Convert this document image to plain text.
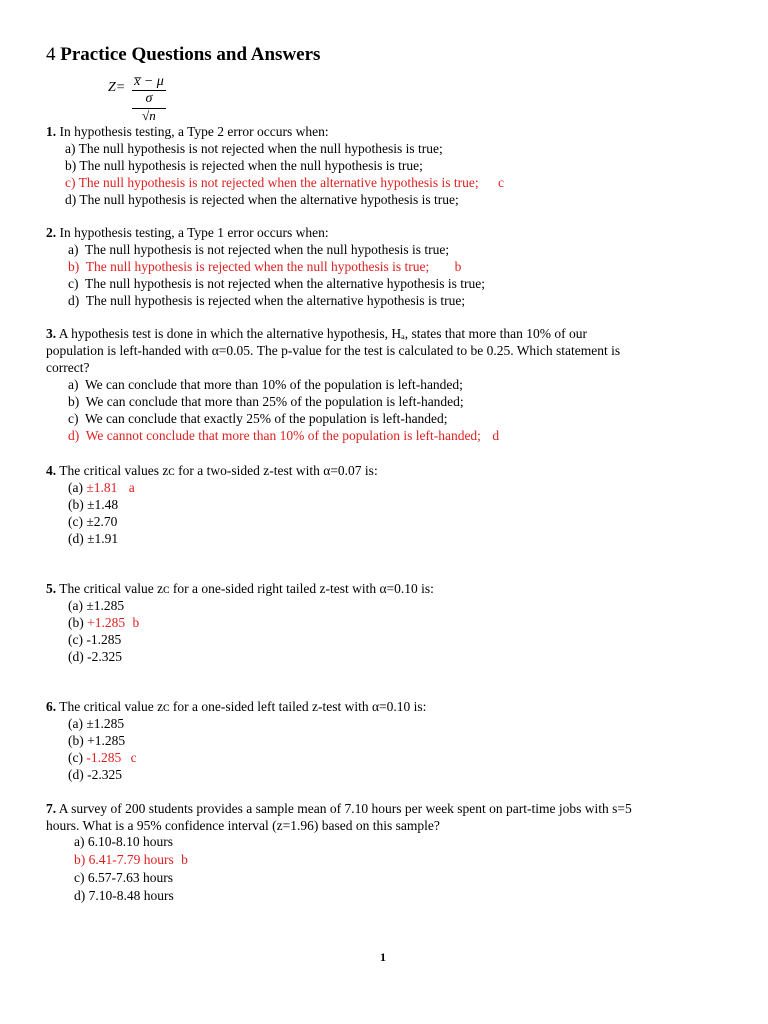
4 Practice Questions and Answers
Z= x̅ − μ
σ
√n
1. In hypothesis testing, a Type 2 error occurs when:
a) The null hypothesis is not rejected when the null hypothesis is true;
b) The null hypothesis is rejected when the null hypothesis is true;
c) The null hypothesis is not rejected when the alternative hypothesis is true; c
d) The null hypothesis is rejected when the alternative hypothesis is true;
2. In hypothesis testing, a Type 1 error occurs when:
a) The null hypothesis is not rejected when the null hypothesis is true;
b) The null hypothesis is rejected when the null hypothesis is true; b
c) The null hypothesis is not rejected when the alternative hypothesis is true;
d) The null hypothesis is rejected when the alternative hypothesis is true;
3. A hypothesis test is done in which the alternative hypothesis, Hₐ, states that more than 10% of our
population is left-handed with α=0.05. The p-value for the test is calculated to be 0.25. Which statement is
correct?
a) We can conclude that more than 10% of the population is left-handed;
b) We can conclude that more than 25% of the population is left-handed;
c) We can conclude that exactly 25% of the population is left-handed;
d) We cannot conclude that more than 10% of the population is left-handed; d
4. The critical values zᴄ for a two-sided z-test with α=0.07 is:
(a) ±1.81 a
(b) ±1.48
(c) ±2.70
(d) ±1.91
5. The critical value zᴄ for a one-sided right tailed z-test with α=0.10 is:
(a) ±1.285
(b) +1.285 b
(c) -1.285
(d) -2.325
6. The critical value zᴄ for a one-sided left tailed z-test with α=0.10 is:
(a) ±1.285
(b) +1.285
(c) -1.285 c
(d) -2.325
7. A survey of 200 students provides a sample mean of 7.10 hours per week spent on part-time jobs with s=5
hours. What is a 95% confidence interval (z=1.96) based on this sample?
a) 6.10-8.10 hours
b) 6.41-7.79 hours b
c) 6.57-7.63 hours
d) 7.10-8.48 hours
1
